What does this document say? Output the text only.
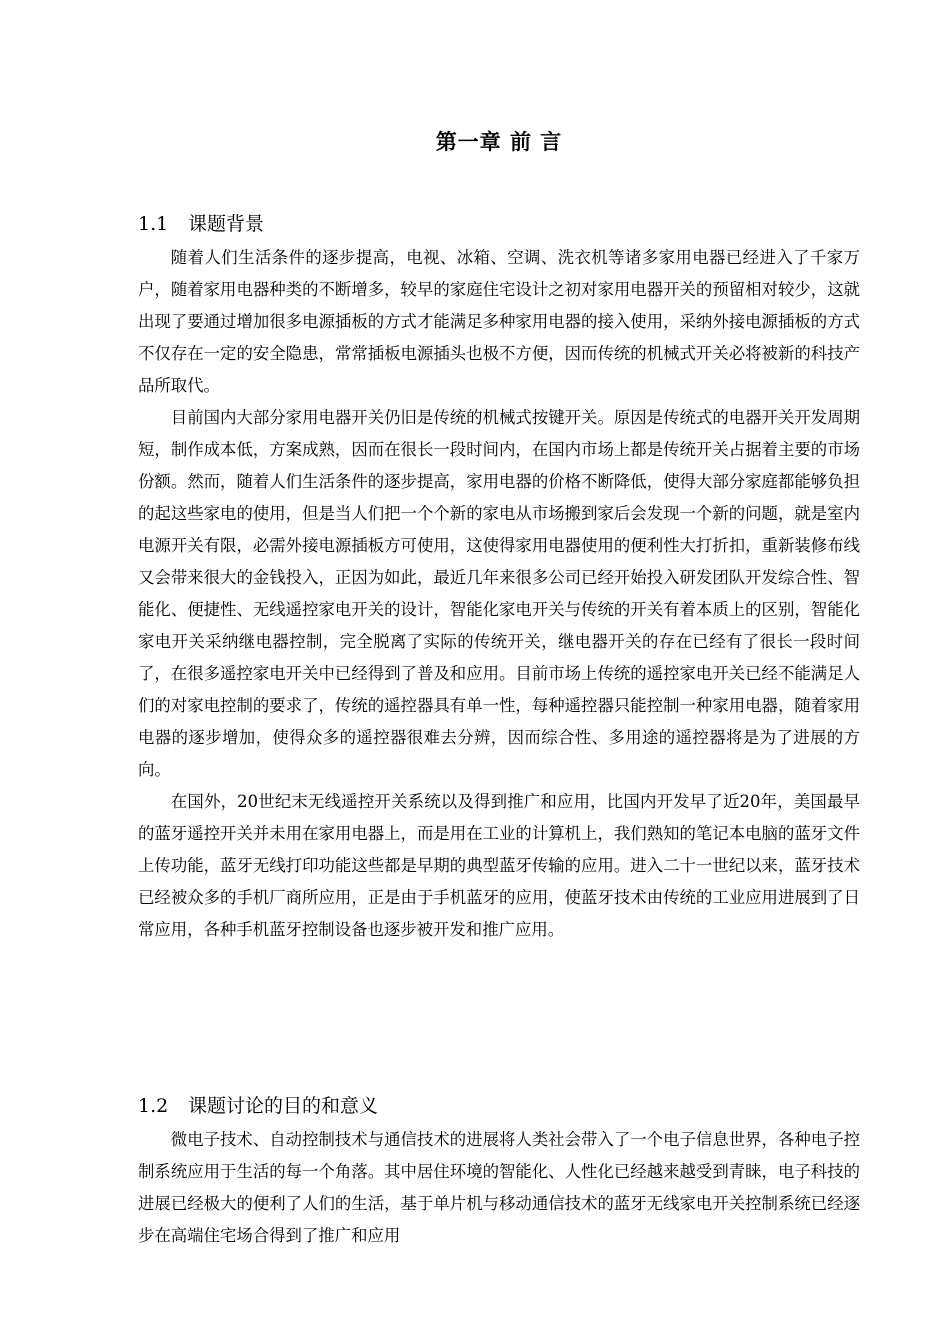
第一章 前 言
1.1 课题背景

随着人们生活条件的逐步提高，电视、冰箱、空调、洗衣机等诸多家用电器已经进入了千家万户，随着家用电器种类的不断增多，较早的家庭住宅设计之初对家用电器开关的预留相对较少，这就出现了要通过增加很多电源插板的方式才能满足多种家用电器的接入使用，采纳外接电源插板的方式不仅存在一定的安全隐患，常常插板电源插头也极不方便，因而传统的机械式开关必将被新的科技产品所取代。

目前国内大部分家用电器开关仍旧是传统的机械式按键开关。原因是传统式的电器开关开发周期短，制作成本低，方案成熟，因而在很长一段时间内，在国内市场上都是传统开关占据着主要的市场份额。然而，随着人们生活条件的逐步提高，家用电器的价格不断降低，使得大部分家庭都能够负担的起这些家电的使用，但是当人们把一个个新的家电从市场搬到家后会发现一个新的问题，就是室内电源开关有限，必需外接电源插板方可使用，这使得家用电器使用的便利性大打折扣，重新装修布线又会带来很大的金钱投入，正因为如此，最近几年来很多公司已经开始投入研发团队开发综合性、智能化、便捷性、无线遥控家电开关的设计，智能化家电开关与传统的开关有着本质上的区别，智能化家电开关采纳继电器控制，完全脱离了实际的传统开关，继电器开关的存在已经有了很长一段时间了，在很多遥控家电开关中已经得到了普及和应用。目前市场上传统的遥控家电开关已经不能满足人们的对家电控制的要求了，传统的遥控器具有单一性，每种遥控器只能控制一种家用电器，随着家用电器的逐步增加，使得众多的遥控器很难去分辨，因而综合性、多用途的遥控器将是为了进展的方向。

在国外，20世纪末无线遥控开关系统以及得到推广和应用，比国内开发早了近20年，美国最早的蓝牙遥控开关并未用在家用电器上，而是用在工业的计算机上，我们熟知的笔记本电脑的蓝牙文件上传功能，蓝牙无线打印功能这些都是早期的典型蓝牙传输的应用。进入二十一世纪以来，蓝牙技术已经被众多的手机厂商所应用，正是由于手机蓝牙的应用，使蓝牙技术由传统的工业应用进展到了日常应用，各种手机蓝牙控制设备也逐步被开发和推广应用。

1.2 课题讨论的目的和意义

微电子技术、自动控制技术与通信技术的进展将人类社会带入了一个电子信息世界，各种电子控制系统应用于生活的每一个角落。其中居住环境的智能化、人性化已经越来越受到青睐，电子科技的进展已经极大的便利了人们的生活，基于单片机与移动通信技术的蓝牙无线家电开关控制系统已经逐步在高端住宅场合得到了推广和应用
